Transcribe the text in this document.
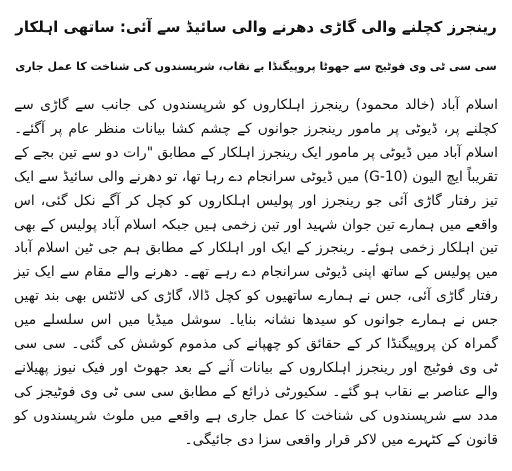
رینجرز کچلنے والی گاڑی دھرنے والی سائیڈ سے آئی: ساتھی اہلکار
سی سی ٹی وی فوٹیج سے جھوٹا پروپیگنڈا بے نقاب، شرپسندوں کی شناخت کا عمل جاری

اسلام آباد (خالد محمود) رینجرز اہلکاروں کو شرپسندوں کی جانب سے گاڑی سے کچلنے پر، ڈیوٹی پر مامور رینجرز جوانوں کے چشم کشا بیانات منظر عام پر آگئے۔ اسلام آباد میں ڈیوٹی پر مامور ایک رینجرز اہلکار کے مطابق "رات دو سے تین بجے کے تقریباً ایچ الیون (G-10) میں ڈیوٹی سرانجام دے رہا تھا، تو دھرنے والی سائیڈ سے ایک تیز رفتار گاڑی آئی جو رینجرز اور پولیس اہلکاروں کو کچل کر آگے نکل گئی، اس واقعے میں ہمارے تین جوان شہید اور تین زخمی ہیں جبکہ اسلام آباد پولیس کے بھی تین اہلکار زخمی ہوئے۔ رینجرز کے ایک اور اہلکار کے مطابق ہم جی ٹین اسلام آباد میں پولیس کے ساتھ اپنی ڈیوٹی سرانجام دے رہے تھے۔ دھرنے والے مقام سے ایک تیز رفتار گاڑی آئی، جس نے ہمارے ساتھیوں کو کچل ڈالا، گاڑی کی لائٹس بھی بند تھیں جس نے ہمارے جوانوں کو سیدھا نشانہ بنایا۔ سوشل میڈیا میں اس سلسلے میں گمراہ کن پروپیگنڈا کر کے حقائق کو چھپانے کی مذموم کوشش کی گئی۔ سی سی ٹی وی فوٹیج اور رینجرز اہلکاروں کے بیانات آنے کے بعد جھوٹ اور فیک نیوز پھیلانے والے عناصر بے نقاب ہو گئے۔ سکیورٹی ذرائع کے مطابق سی سی ٹی وی فوٹیجز کی مدد سے شرپسندوں کی شناخت کا عمل جاری ہے واقعے میں ملوث شرپسندوں کو قانون کے کٹہرے میں لاکر قرار واقعی سزا دی جائیگی۔
